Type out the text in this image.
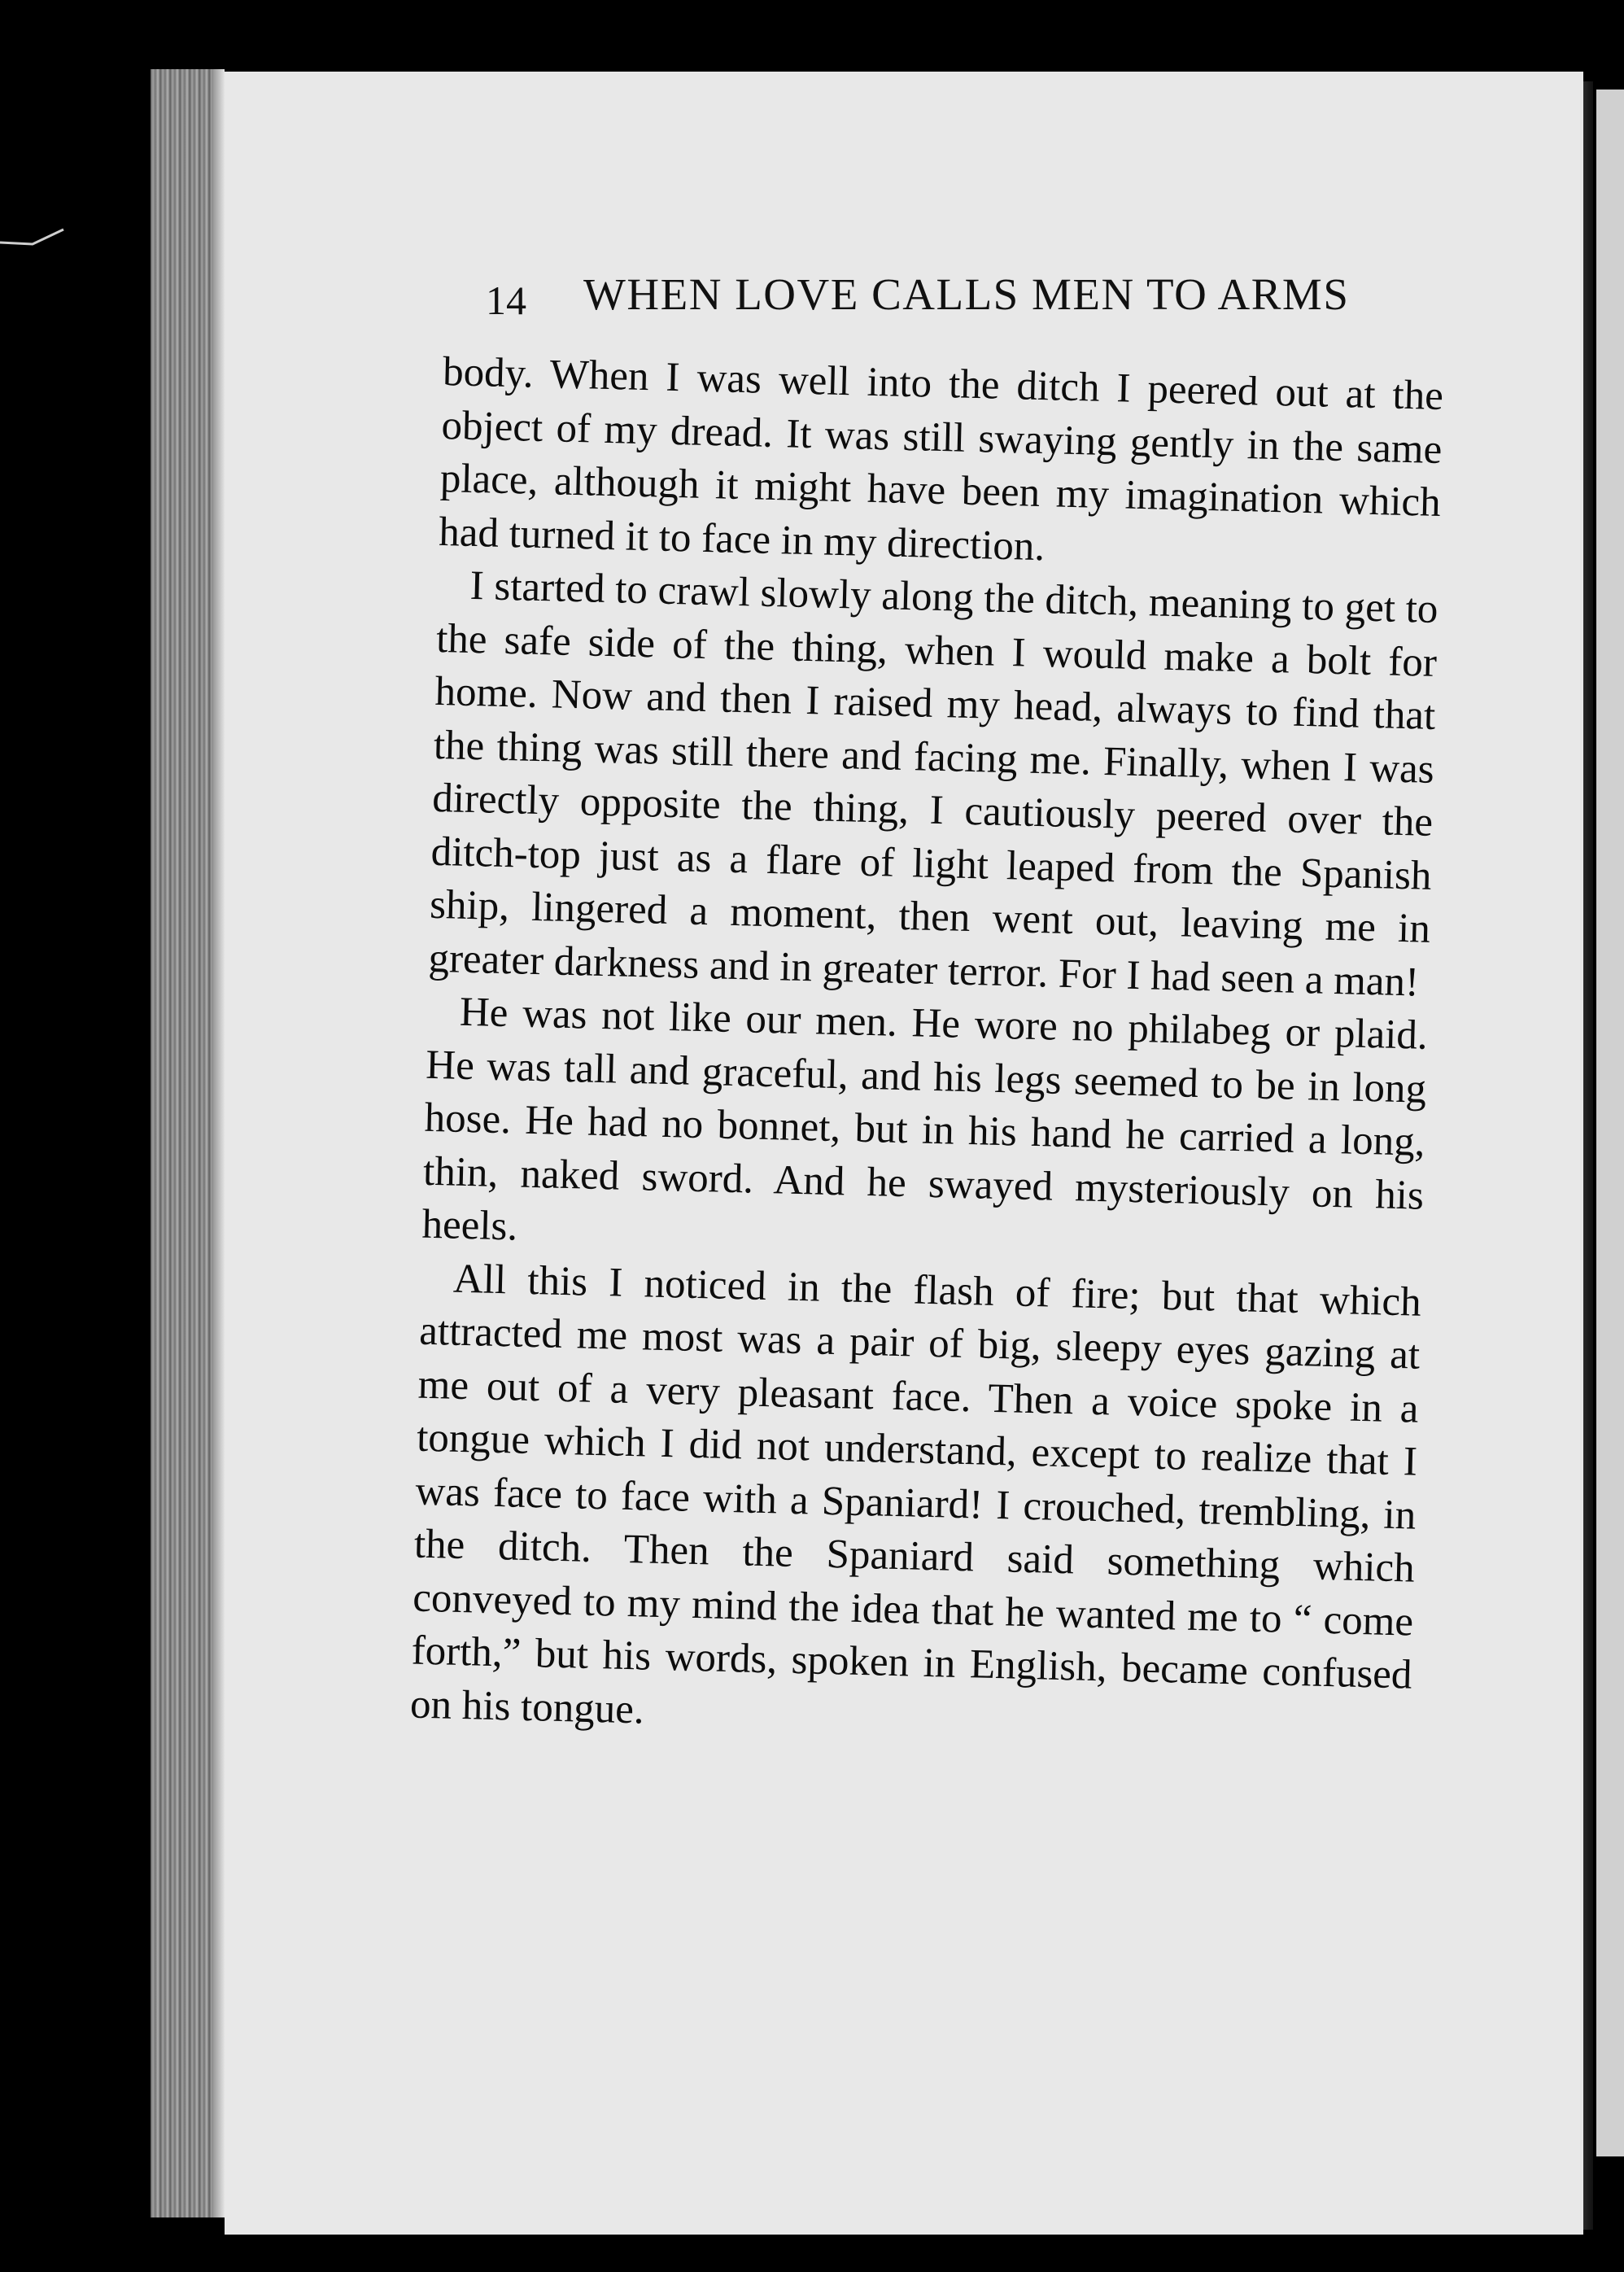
14 WHEN LOVE CALLS MEN TO ARMS

body. When I was well into the ditch I peered out at the object of my dread. It was still swaying gently in the same place, although it might have been my imagination which had turned it to face in my direction.

I started to crawl slowly along the ditch, meaning to get to the safe side of the thing, when I would make a bolt for home. Now and then I raised my head, always to find that the thing was still there and facing me. Finally, when I was directly opposite the thing, I cautiously peered over the ditch-top just as a flare of light leaped from the Spanish ship, lingered a moment, then went out, leaving me in greater darkness and in greater terror. For I had seen a man!

He was not like our men. He wore no philabeg or plaid. He was tall and graceful, and his legs seemed to be in long hose. He had no bonnet, but in his hand he carried a long, thin, naked sword. And he swayed mysteriously on his heels.

All this I noticed in the flash of fire; but that which attracted me most was a pair of big, sleepy eyes gazing at me out of a very pleasant face. Then a voice spoke in a tongue which I did not understand, except to realize that I was face to face with a Spaniard! I crouched, trembling, in the ditch. Then the Spaniard said something which conveyed to my mind the idea that he wanted me to “ come forth,” but his words, spoken in English, became confused on his tongue.
